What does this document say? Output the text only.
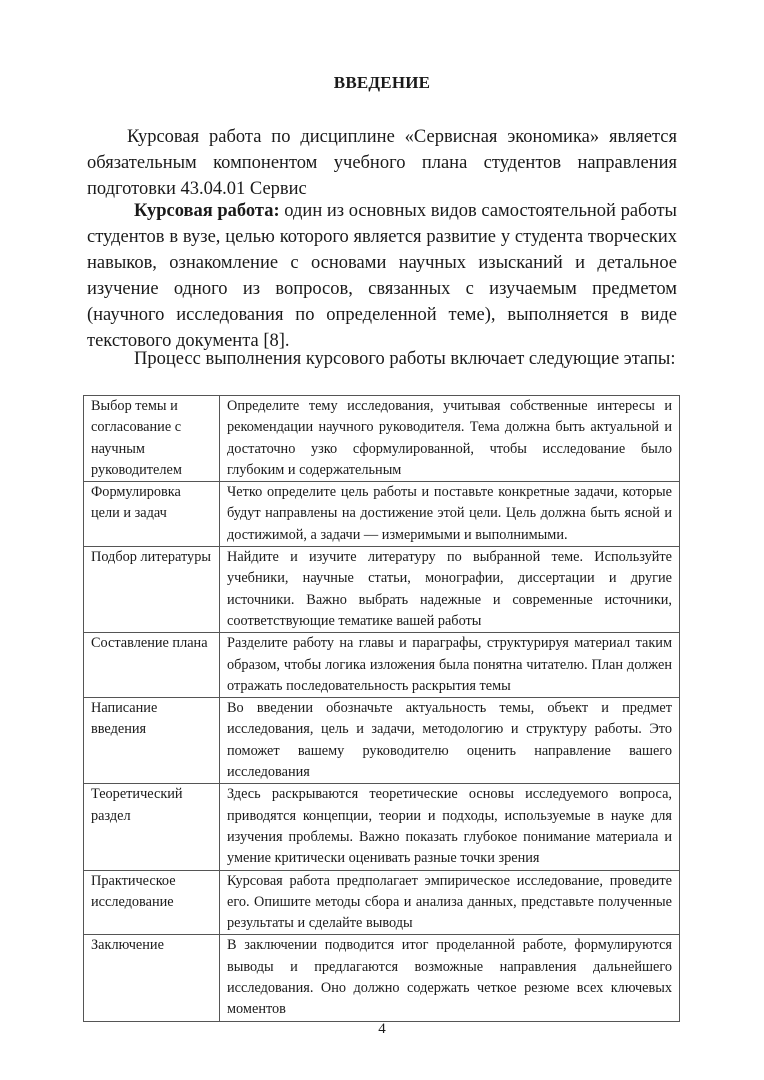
ВВЕДЕНИЕ
Курсовая работа по дисциплине «Сервисная экономика» является обязательным компонентом учебного плана студентов направления подготовки 43.04.01 Сервис
Курсовая работа: один из основных видов самостоятельной работы студентов в вузе, целью которого является развитие у студента творческих навыков, ознакомление с основами научных изысканий и детальное изучение одного из вопросов, связанных с изучаемым предметом (научного исследования по определенной теме), выполняется в виде текстового документа [8].
Процесс выполнения курсового работы включает следующие этапы:
Выбор темы и согласование с научным руководителем	Определите тему исследования, учитывая собственные интересы и рекомендации научного руководителя. Тема должна быть актуальной и достаточно узко сформулированной, чтобы исследование было глубоким и содержательным
Формулировка цели и задач	Четко определите цель работы и поставьте конкретные задачи, которые будут направлены на достижение этой цели. Цель должна быть ясной и достижимой, а задачи — измеримыми и выполнимыми.
Подбор литературы	Найдите и изучите литературу по выбранной теме. Используйте учебники, научные статьи, монографии, диссертации и другие источники. Важно выбрать надежные и современные источники, соответствующие тематике вашей работы
Составление плана	Разделите работу на главы и параграфы, структурируя материал таким образом, чтобы логика изложения была понятна читателю. План должен отражать последовательность раскрытия темы
Написание введения	Во введении обозначьте актуальность темы, объект и предмет исследования, цель и задачи, методологию и структуру работы. Это поможет вашему руководителю оценить направление вашего исследования
Теоретический раздел	Здесь раскрываются теоретические основы исследуемого вопроса, приводятся концепции, теории и подходы, используемые в науке для изучения проблемы. Важно показать глубокое понимание материала и умение критически оценивать разные точки зрения
Практическое исследование	Курсовая работа предполагает эмпирическое исследование, проведите его. Опишите методы сбора и анализа данных, представьте полученные результаты и сделайте выводы
Заключение	В заключении подводится итог проделанной работе, формулируются выводы и предлагаются возможные направления дальнейшего исследования. Оно должно содержать четкое резюме всех ключевых моментов
4
